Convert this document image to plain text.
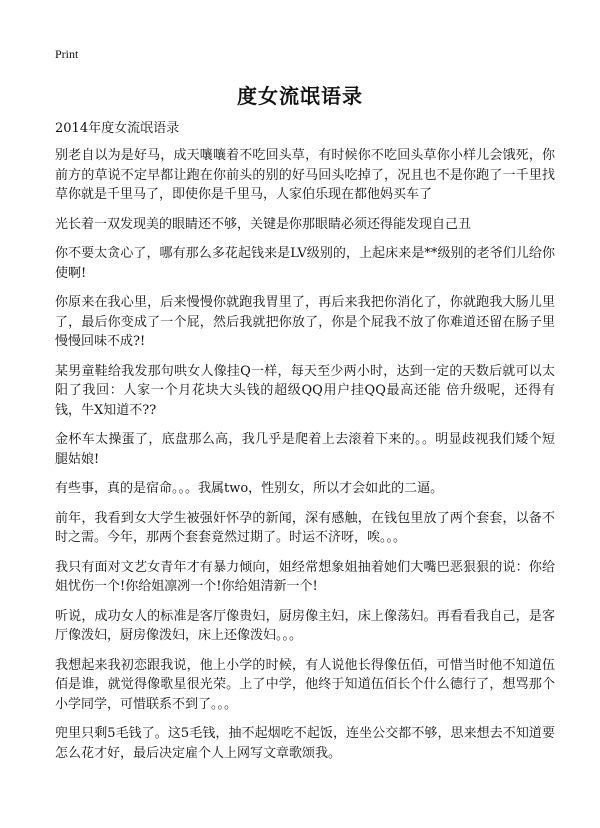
Print
度女流氓语录

2014年度女流氓语录

别老自以为是好马，成天嚷嚷着不吃回头草，有时候你不吃回头草你小样儿会饿死，你前方的草说不定早都让跑在你前头的别的好马回头吃掉了，况且也不是你跑了一千里找草你就是千里马了，即使你是千里马，人家伯乐现在都他妈买车了

光长着一双发现美的眼睛还不够，关键是你那眼睛必须还得能发现自己丑

你不要太贪心了，哪有那么多花起钱来是LV级别的，上起床来是**级别的老爷们儿给你使啊!

你原来在我心里，后来慢慢你就跑我胃里了，再后来我把你消化了，你就跑我大肠儿里了，最后你变成了一个屁，然后我就把你放了，你是个屁我不放了你难道还留在肠子里慢慢回味不成?!

某男童鞋给我发那句哄女人像挂Q一样，每天至少两小时，达到一定的天数后就可以太阳了我回：人家一个月花块大头钱的超级QQ用户挂QQ最高还能 倍升级呢，还得有钱，牛X知道不??

金杯车太操蛋了，底盘那么高，我几乎是爬着上去滚着下来的。。明显歧视我们矮个短腿姑娘!

有些事，真的是宿命。。。我属two，性别女，所以才会如此的二逼。

前年，我看到女大学生被强奸怀孕的新闻，深有感触，在钱包里放了两个套套，以备不时之需。今年，那两个套套竟然过期了。时运不济呀，唉。。。

我只有面对文艺女青年才有暴力倾向，姐经常想象姐抽着她们大嘴巴恶狠狠的说：你给姐忧伤一个!你给姐凛冽一个!你给姐清新一个!

听说，成功女人的标准是客厅像贵妇，厨房像主妇，床上像荡妇。再看看我自己，是客厅像泼妇，厨房像泼妇，床上还像泼妇。。。

我想起来我初恋跟我说，他上小学的时候，有人说他长得像伍佰，可惜当时他不知道伍佰是谁，就觉得像歌星很光荣。上了中学，他终于知道伍佰长个什么德行了，想骂那个小学同学，可惜联系不到了。。。

兜里只剩5毛钱了。这5毛钱，抽不起烟吃不起饭，连坐公交都不够，思来想去不知道要怎么花才好，最后决定雇个人上网写文章歌颂我。
